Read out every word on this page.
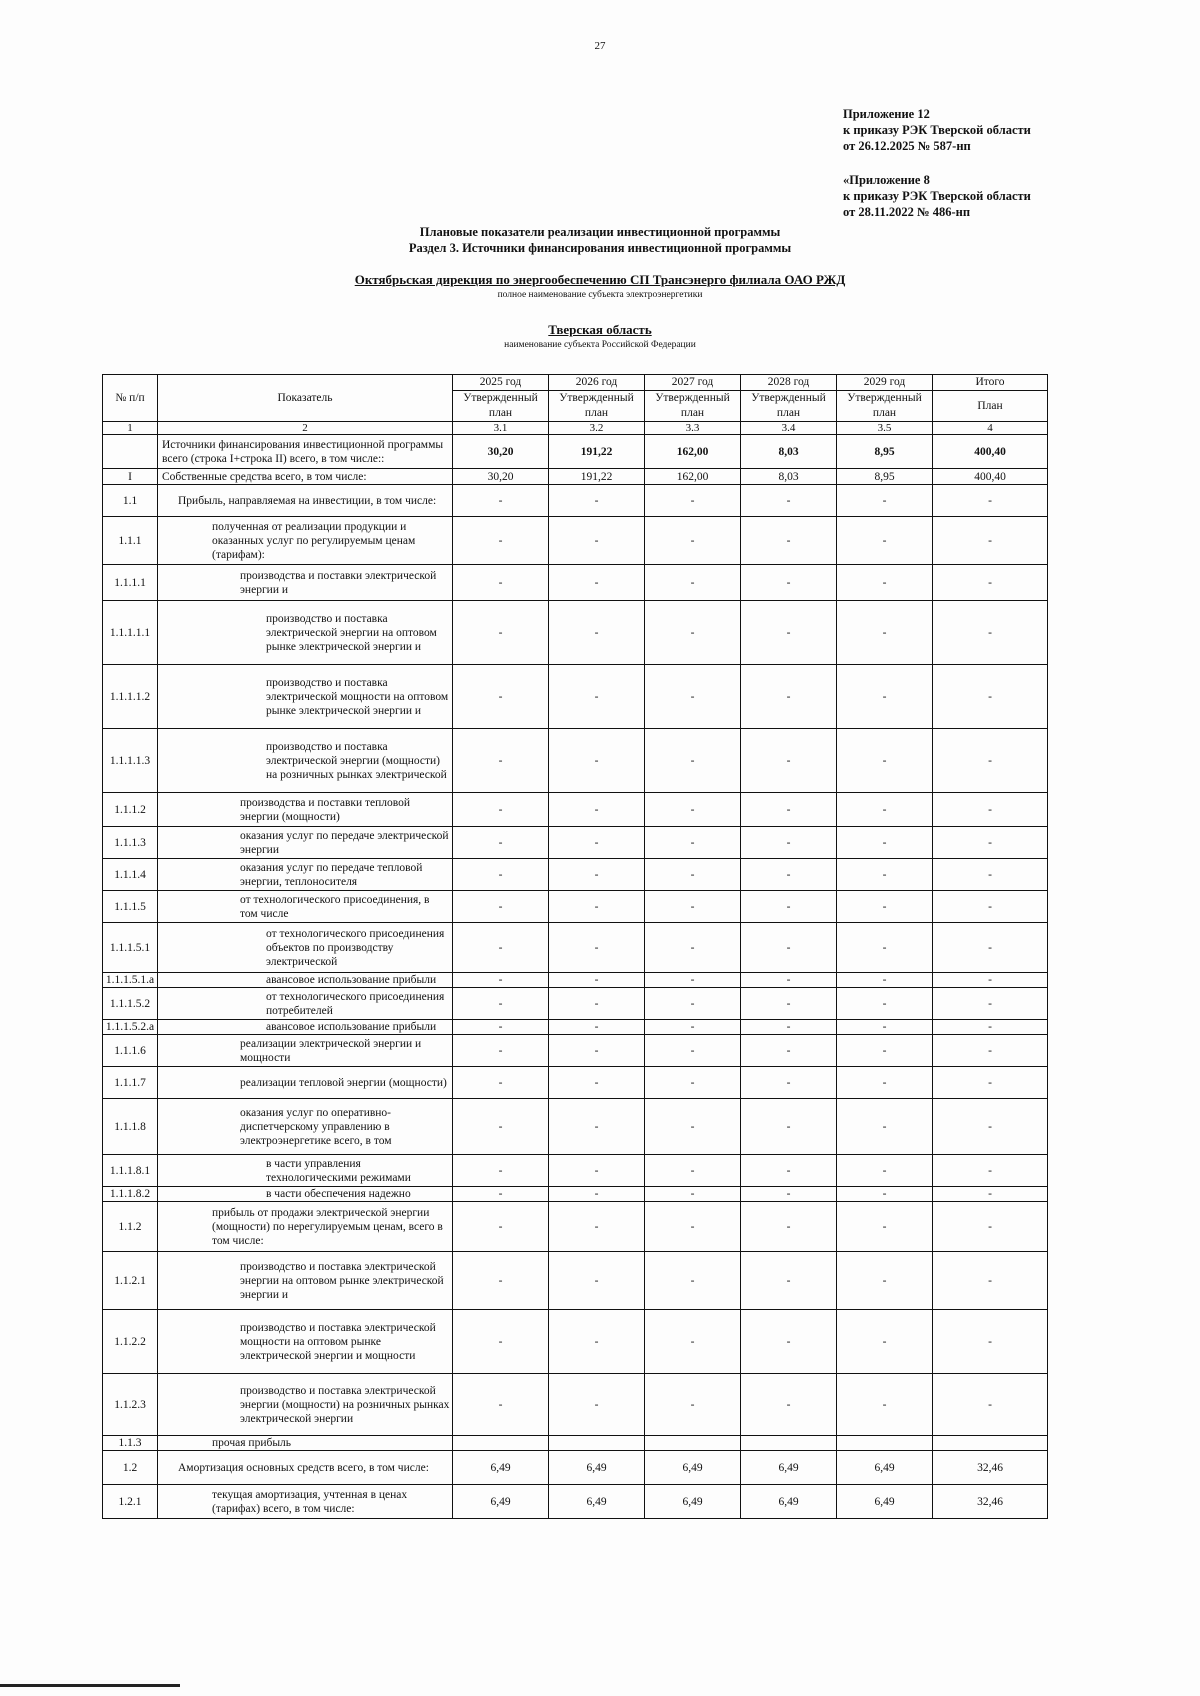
27
Приложение 12
к приказу РЭК Тверской области
от 26.12.2025 № 587-нп
«Приложение 8
к приказу РЭК Тверской области
от 28.11.2022 № 486-нп
Плановые показатели реализации инвестиционной программы
Раздел 3. Источники финансирования инвестиционной программы
Октябрьская дирекция по энергообеспечению СП Трансэнерго филиала ОАО РЖД
полное наименование субъекта электроэнергетики
Тверская область
наименование субъекта Российской Федерации
№ п/п	Показатель	2025 год	2026 год	2027 год	2028 год	2029 год	Итого
		Утвержденный план	Утвержденный план	Утвержденный план	Утвержденный план	Утвержденный план	План
1	2	3.1	3.2	3.3	3.4	3.5	4
	Источники финансирования инвестиционной программы всего (строка I+строка II) всего, в том числе::	30,20	191,22	162,00	8,03	8,95	400,40
I	Собственные средства всего, в том числе:	30,20	191,22	162,00	8,03	8,95	400,40
1.1	Прибыль, направляемая на инвестиции, в том числе:	-	-	-	-	-	-
1.1.1	полученная от реализации продукции и оказанных услуг по регулируемым ценам (тарифам):	-	-	-	-	-	-
1.1.1.1	производства и поставки электрической энергии и	-	-	-	-	-	-
1.1.1.1.1	производство и поставка электрической энергии на оптовом рынке электрической энергии и	-	-	-	-	-	-
1.1.1.1.2	производство и поставка электрической мощности на оптовом рынке электрической энергии и	-	-	-	-	-	-
1.1.1.1.3	производство и поставка электрической энергии (мощности) на розничных рынках электрической	-	-	-	-	-	-
1.1.1.2	производства и поставки тепловой энергии (мощности)	-	-	-	-	-	-
1.1.1.3	оказания услуг по передаче электрической энергии	-	-	-	-	-	-
1.1.1.4	оказания услуг по передаче тепловой энергии, теплоносителя	-	-	-	-	-	-
1.1.1.5	от технологического присоединения, в том числе	-	-	-	-	-	-
1.1.1.5.1	от технологического присоединения объектов по производству электрической	-	-	-	-	-	-
1.1.1.5.1.a	авансовое использование прибыли	-	-	-	-	-	-
1.1.1.5.2	от технологического присоединения потребителей	-	-	-	-	-	-
1.1.1.5.2.a	авансовое использование прибыли	-	-	-	-	-	-
1.1.1.6	реализации электрической энергии и мощности	-	-	-	-	-	-
1.1.1.7	реализации тепловой энергии (мощности)	-	-	-	-	-	-
1.1.1.8	оказания услуг по оперативно-диспетчерскому управлению в электроэнергетике всего, в том	-	-	-	-	-	-
1.1.1.8.1	в части управления технологическими режимами	-	-	-	-	-	-
1.1.1.8.2	в части обеспечения надежно	-	-	-	-	-	-
1.1.2	прибыль от продажи электрической энергии (мощности) по нерегулируемым ценам, всего в том числе:	-	-	-	-	-	-
1.1.2.1	производство и поставка электрической энергии на оптовом рынке электрической энергии и	-	-	-	-	-	-
1.1.2.2	производство и поставка электрической мощности на оптовом рынке электрической энергии и мощности	-	-	-	-	-	-
1.1.2.3	производство и поставка электрической энергии (мощности) на розничных рынках электрической энергии	-	-	-	-	-	-
1.1.3	прочая прибыль						
1.2	Амортизация основных средств всего, в том числе:	6,49	6,49	6,49	6,49	6,49	32,46
1.2.1	текущая амортизация, учтенная в ценах (тарифах) всего, в том числе:	6,49	6,49	6,49	6,49	6,49	32,46
